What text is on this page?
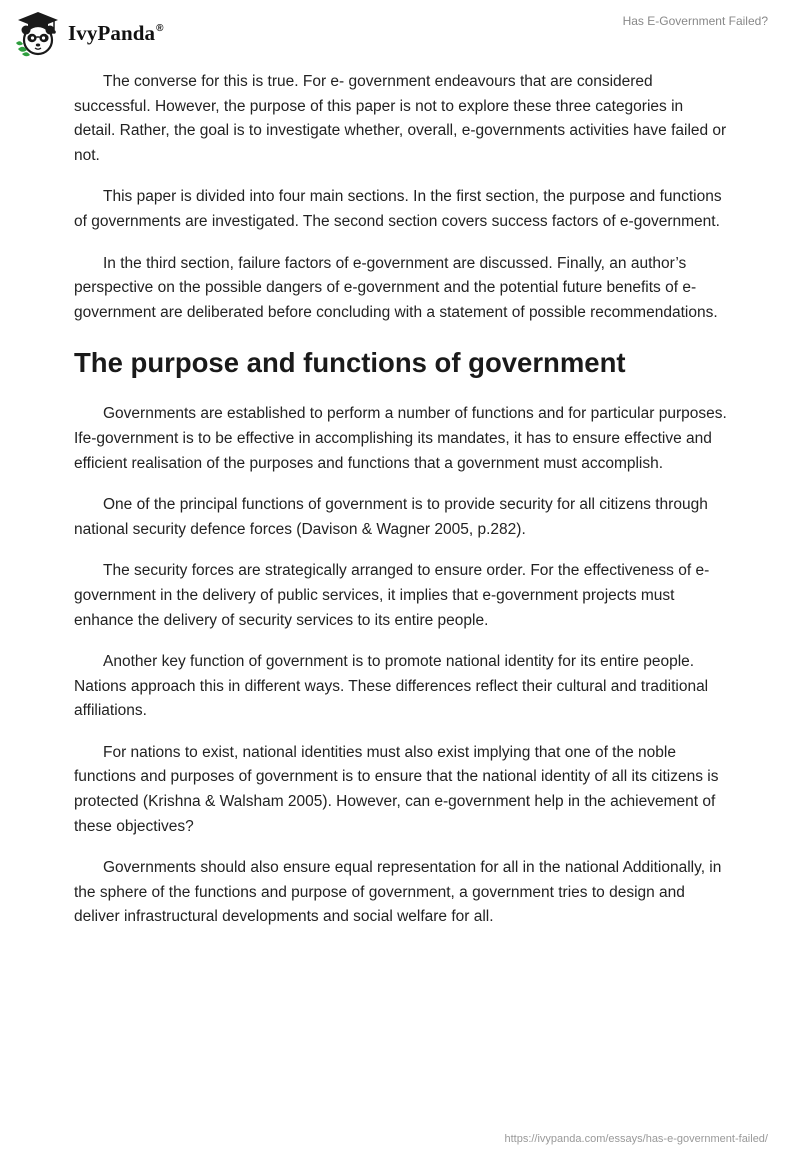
IvyPanda®	Has E-Government Failed?

The converse for this is true. For e- government endeavours that are considered successful. However, the purpose of this paper is not to explore these three categories in detail. Rather, the goal is to investigate whether, overall, e-governments activities have failed or not.

This paper is divided into four main sections. In the first section, the purpose and functions of governments are investigated. The second section covers success factors of e-government.

In the third section, failure factors of e-government are discussed. Finally, an author’s perspective on the possible dangers of e-government and the potential future benefits of e-government are deliberated before concluding with a statement of possible recommendations.

The purpose and functions of government

Governments are established to perform a number of functions and for particular purposes. Ife-government is to be effective in accomplishing its mandates, it has to ensure effective and efficient realisation of the purposes and functions that a government must accomplish.

One of the principal functions of government is to provide security for all citizens through national security defence forces (Davison & Wagner 2005, p.282).

The security forces are strategically arranged to ensure order. For the effectiveness of e- government in the delivery of public services, it implies that e-government projects must enhance the delivery of security services to its entire people.

Another key function of government is to promote national identity for its entire people. Nations approach this in different ways. These differences reflect their cultural and traditional affiliations.

For nations to exist, national identities must also exist implying that one of the noble functions and purposes of government is to ensure that the national identity of all its citizens is protected (Krishna & Walsham 2005). However, can e-government help in the achievement of these objectives?

Governments should also ensure equal representation for all in the national Additionally, in the sphere of the functions and purpose of government, a government tries to design and deliver infrastructural developments and social welfare for all.

https://ivypanda.com/essays/has-e-government-failed/
